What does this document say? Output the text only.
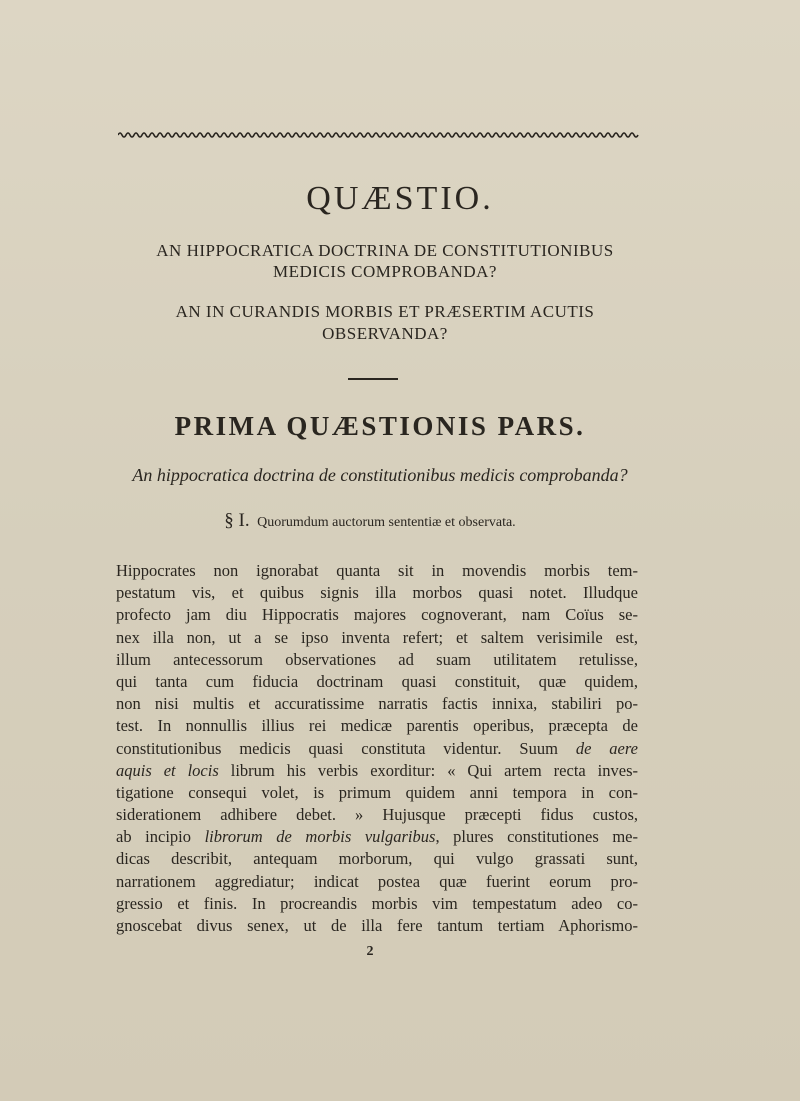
QUÆSTIO.

AN HIPPOCRATICA DOCTRINA DE CONSTITUTIONIBUS

MEDICIS COMPROBANDA?

AN IN CURANDIS MORBIS ET PRÆSERTIM ACUTIS

OBSERVANDA?

PRIMA QUÆSTIONIS PARS.

An hippocratica doctrina de constitutionibus medicis comprobanda?

§ I. Quorumdum auctorum sententiæ et observata.

Hippocrates non ignorabat quanta sit in movendis morbis tem-
pestatum vis, et quibus signis illa morbos quasi notet. Illudque
profecto jam diu Hippocratis majores cognoverant, nam Coïus se-
nex illa non, ut a se ipso inventa refert; et saltem verisimile est,
illum antecessorum observationes ad suam utilitatem retulisse,
qui tanta cum fiducia doctrinam quasi constituit, quæ quidem,
non nisi multis et accuratissime narratis factis innixa, stabiliri po-
test. In nonnullis illius rei medicæ parentis operibus, præcepta de
constitutionibus medicis quasi constituta videntur. Suum de aere
aquis et locis librum his verbis exorditur: « Qui artem recta inves-
tigatione consequi volet, is primum quidem anni tempora in con-
siderationem adhibere debet. » Hujusque præcepti fidus custos,
ab incipio librorum de morbis vulgaribus, plures constitutiones me-
dicas describit, antequam morborum, qui vulgo grassati sunt,
narrationem aggrediatur; indicat postea quæ fuerint eorum pro-
gressio et finis. In procreandis morbis vim tempestatum adeo co-
gnoscebat divus senex, ut de illa fere tantum tertiam Aphorismo-

2
